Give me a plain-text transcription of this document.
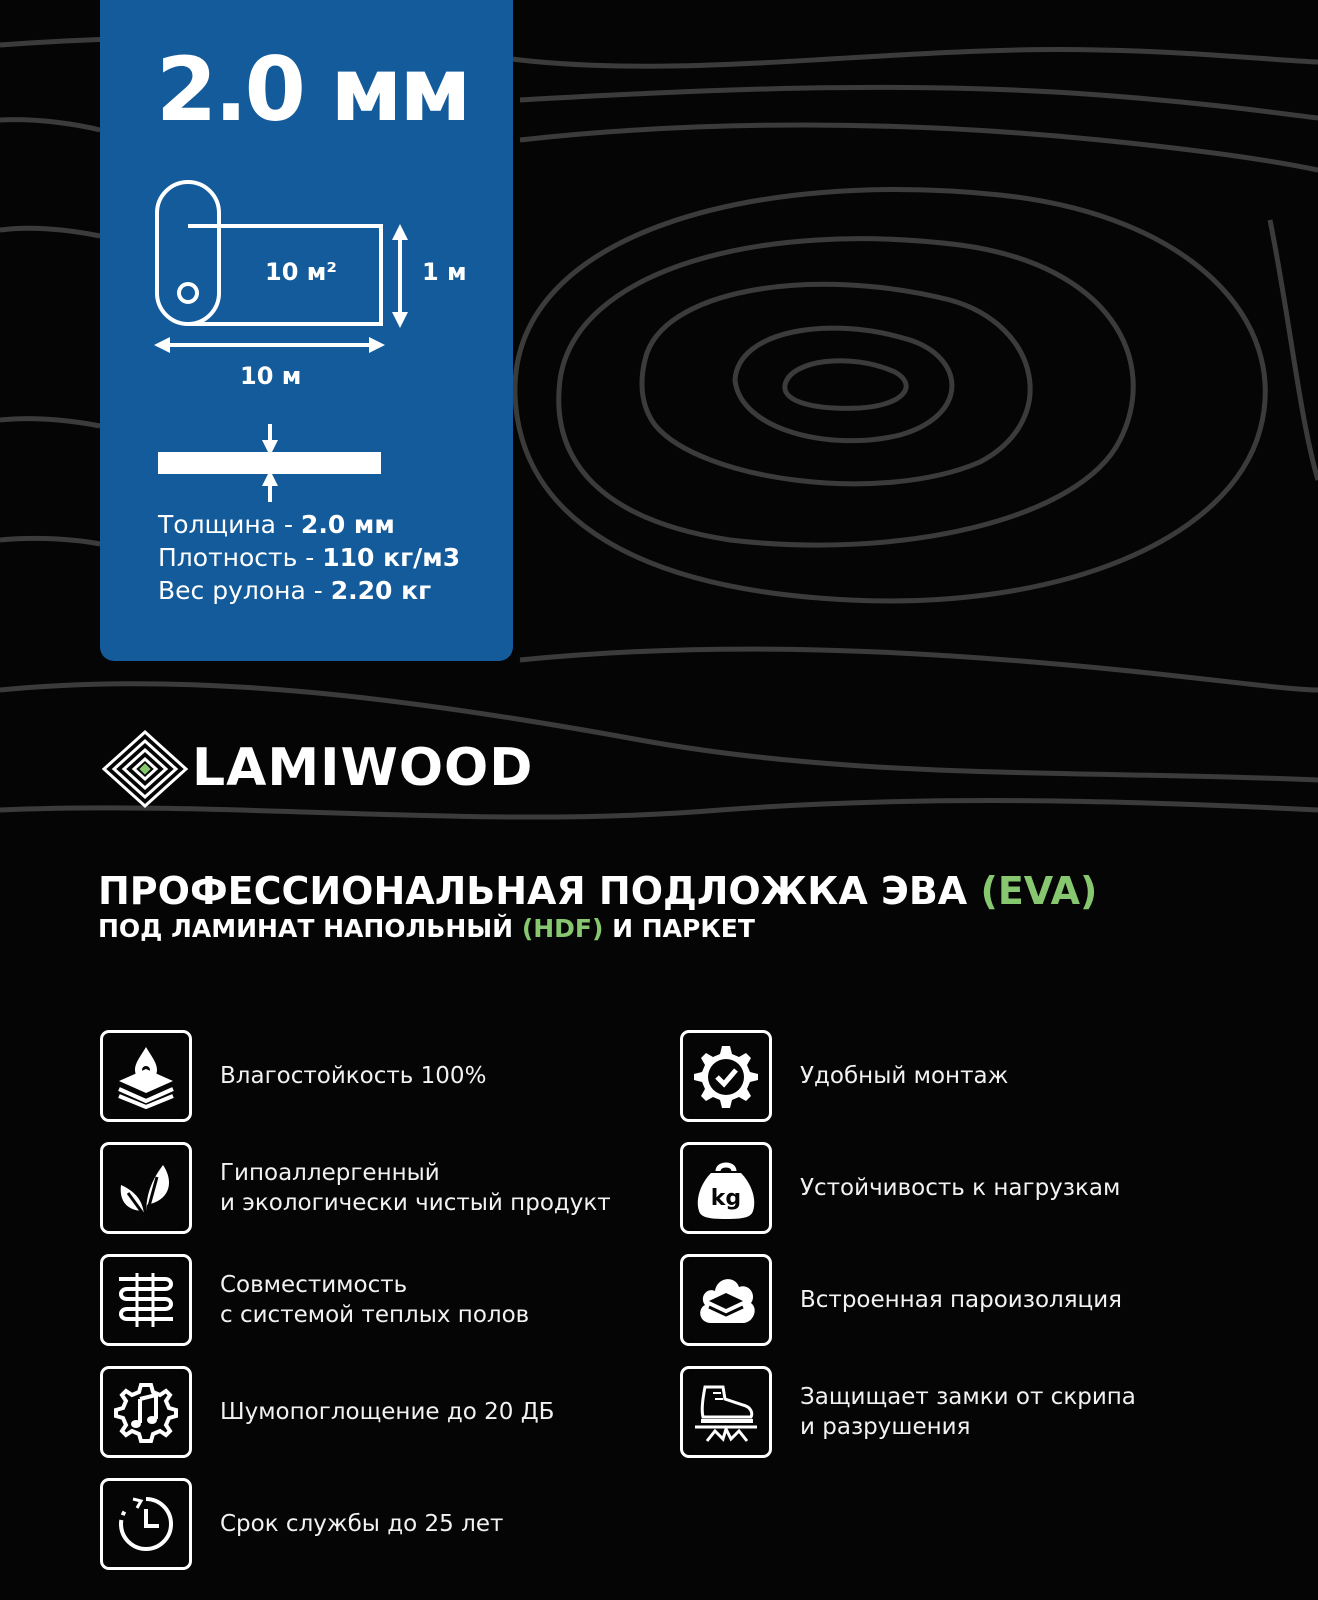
2.0 мм
10 м²	1 м
10 м
Толщина - 2.0 мм
Плотность - 110 кг/м3
Вес рулона - 2.20 кг
LAMIWOOD
ПРОФЕССИОНАЛЬНАЯ ПОДЛОЖКА ЭВА (EVA)
ПОД ЛАМИНАТ НАПОЛЬНЫЙ (HDF) И ПАРКЕТ
Влагостойкость 100%
Гипоаллергенный
и экологически чистый продукт
Совместимость
с системой теплых полов
Шумопоглощение до 20 ДБ
Срок службы до 25 лет
Удобный монтаж
kg	Устойчивость к нагрузкам
Встроенная пароизоляция
Защищает замки от скрипа
и разрушения
